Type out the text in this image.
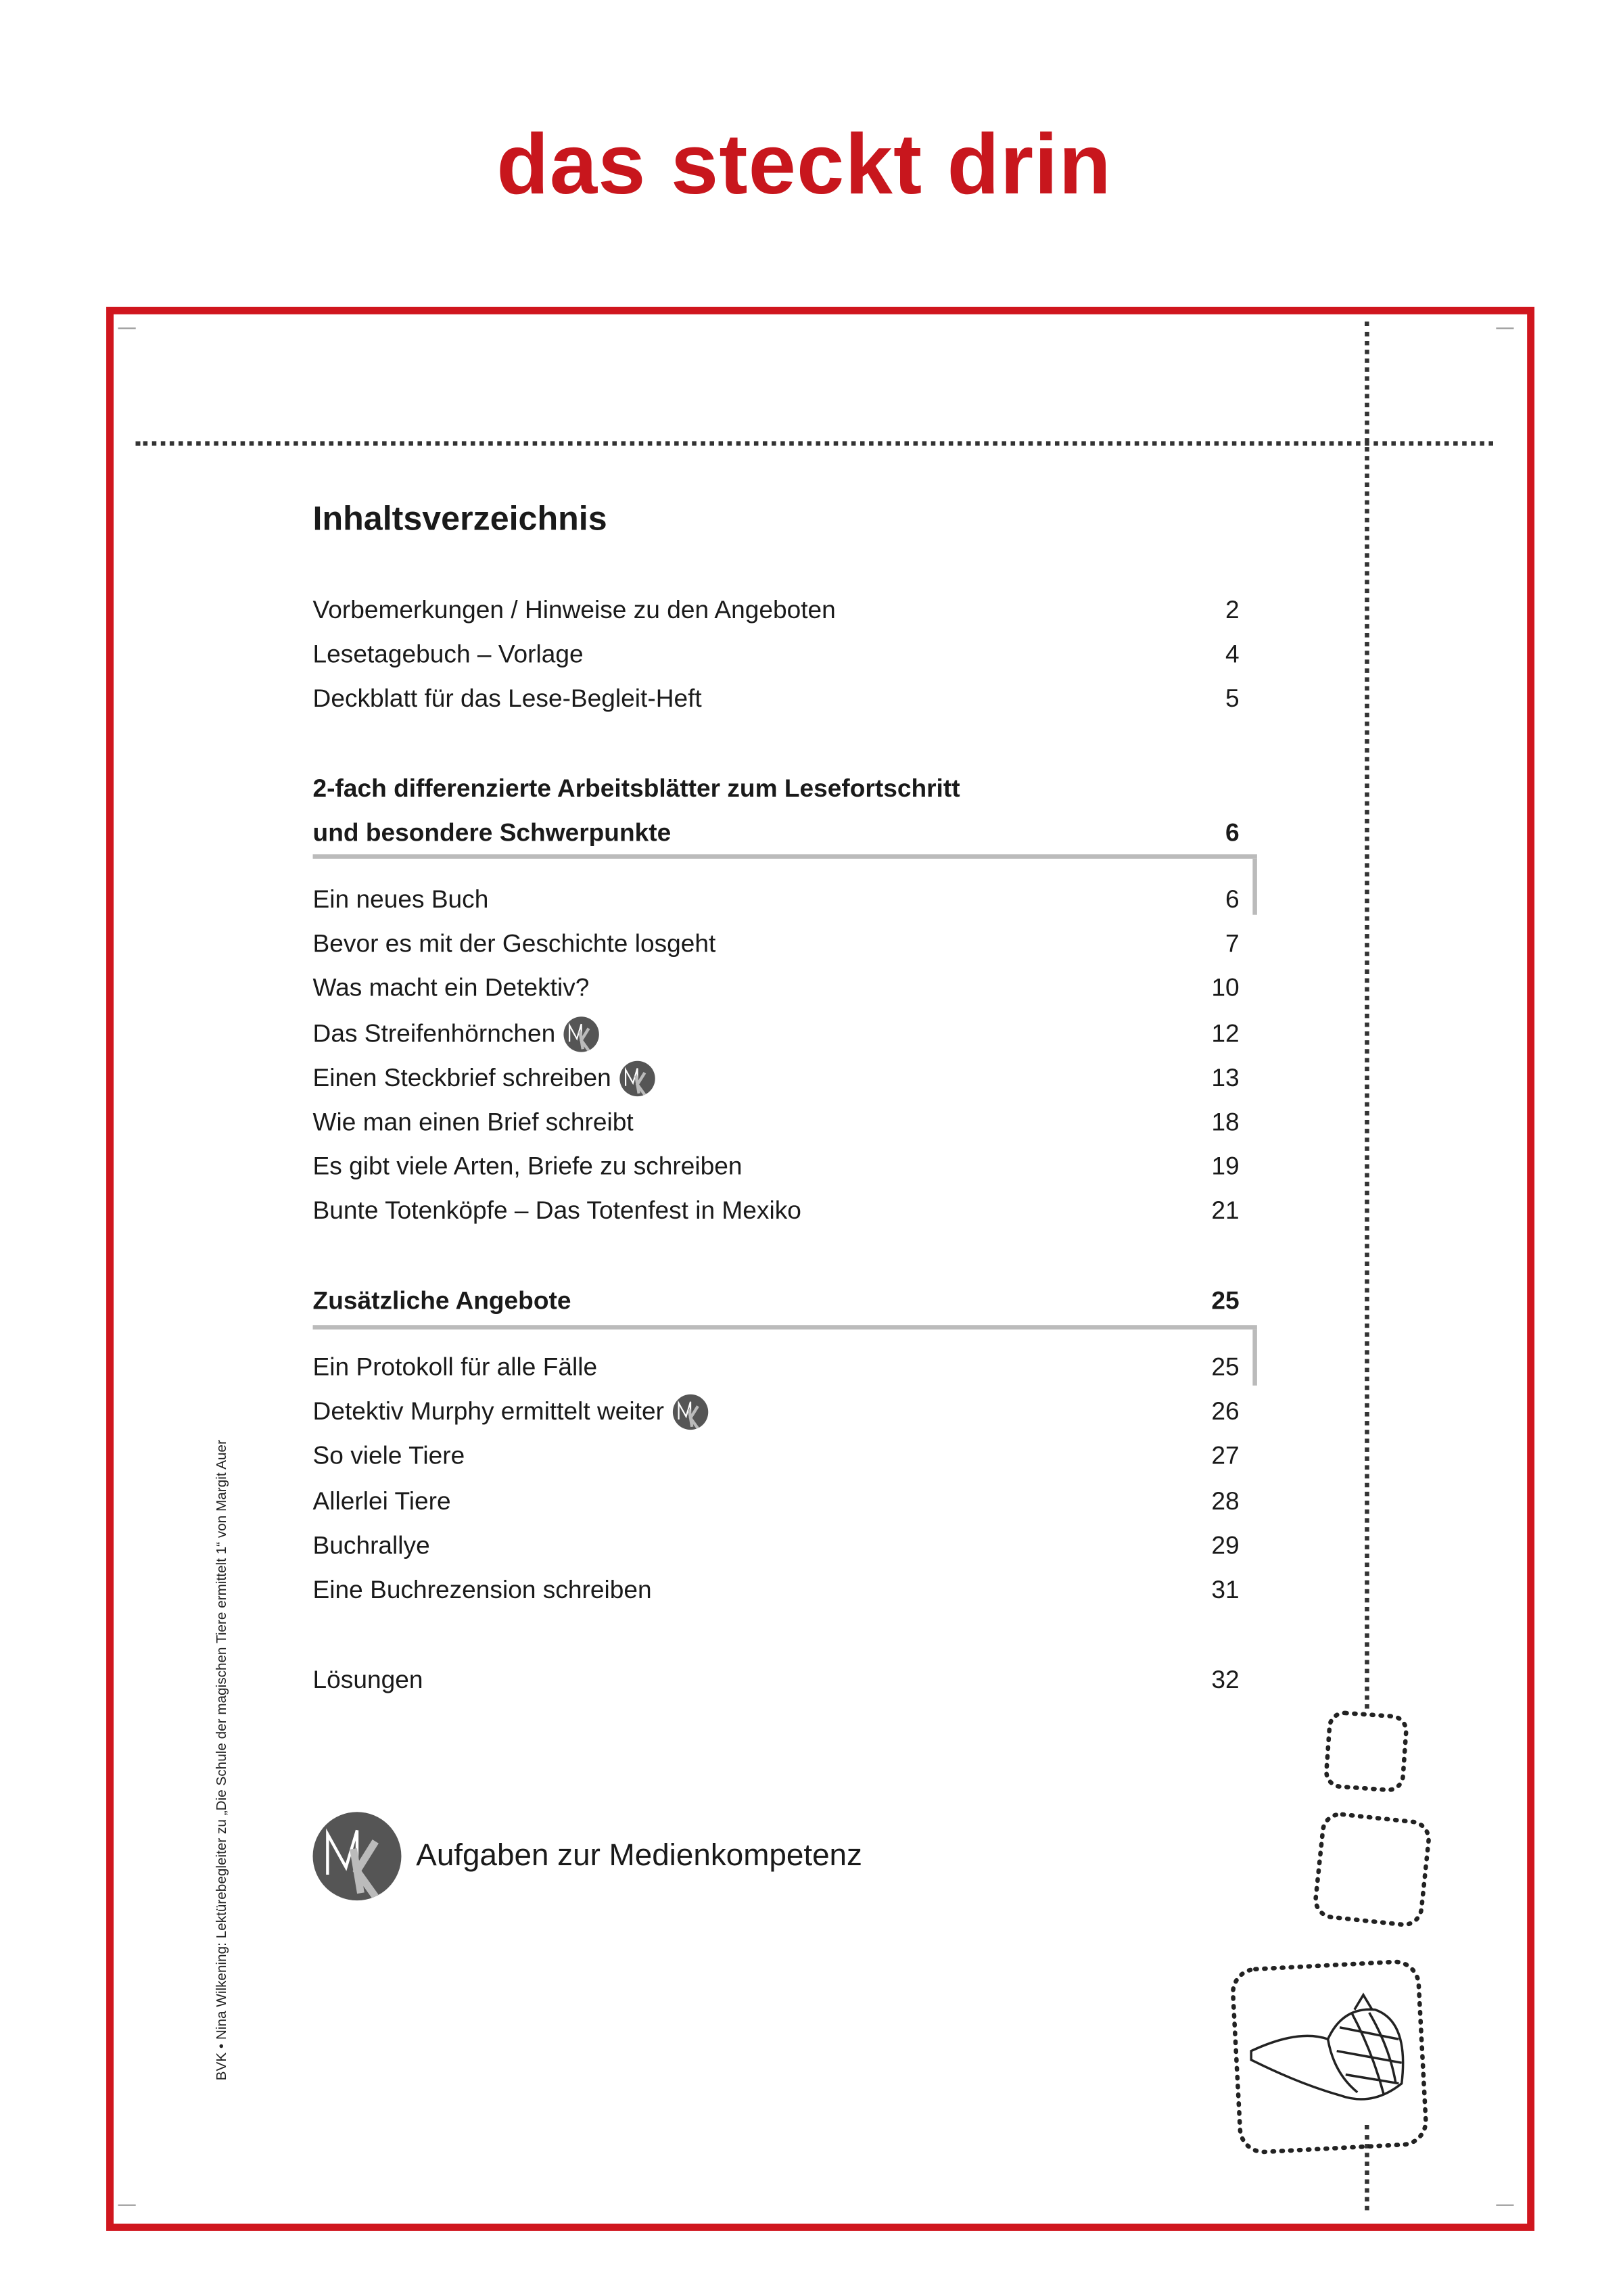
das steckt drin
Inhaltsverzeichnis
Vorbemerkungen / Hinweise zu den Angeboten	2
Lesetagebuch – Vorlage	4
Deckblatt für das Lese-Begleit-Heft	5
2-fach differenzierte Arbeitsblätter zum Lesefortschritt
und besondere Schwerpunkte	6
Ein neues Buch	6
Bevor es mit der Geschichte losgeht	7
Was macht ein Detektiv?	10
Das Streifenhörnchen	12
Einen Steckbrief schreiben	13
Wie man einen Brief schreibt	18
Es gibt viele Arten, Briefe zu schreiben	19
Bunte Totenköpfe – Das Totenfest in Mexiko	21
Zusätzliche Angebote	25
Ein Protokoll für alle Fälle	25
Detektiv Murphy ermittelt weiter	26
So viele Tiere	27
Allerlei Tiere	28
Buchrallye	29
Eine Buchrezension schreiben	31
Lösungen	32
Aufgaben zur Medienkompetenz
BVK • Nina Wilkening: Lektürebegleiter zu „Die Schule der magischen Tiere ermittelt 1“ von Margit Auer
